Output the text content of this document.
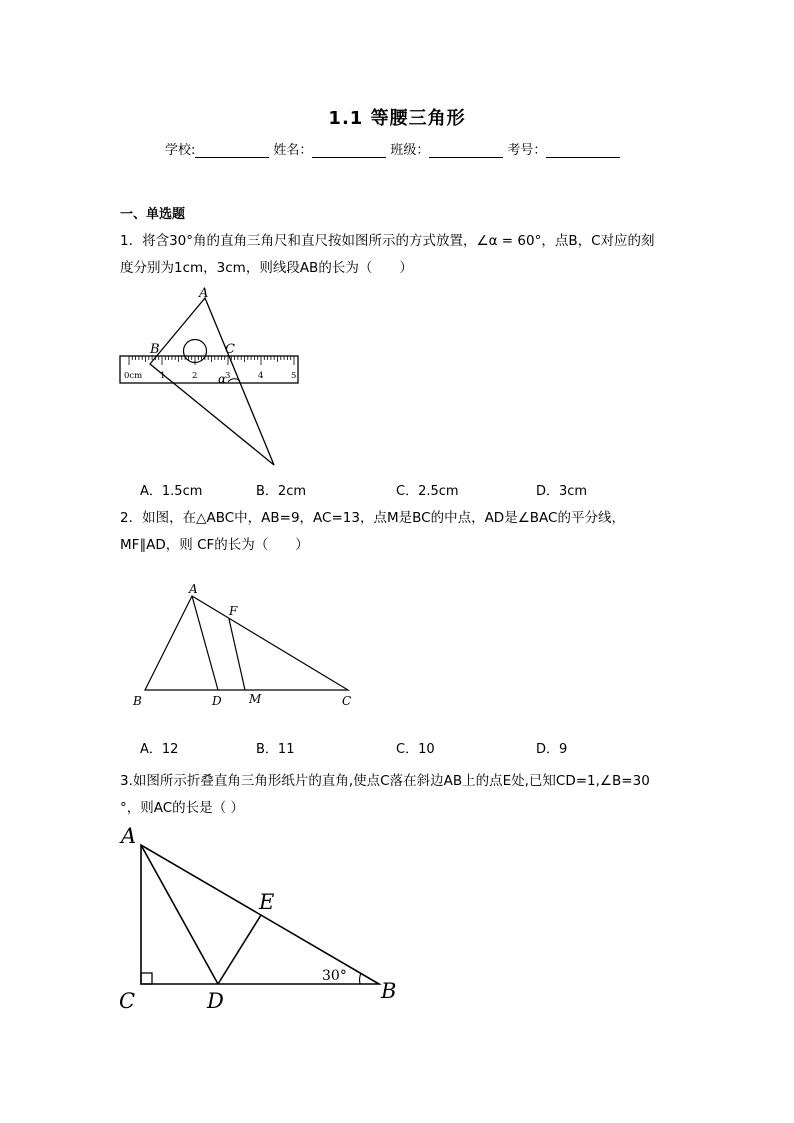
1.1 等腰三角形
学校:	姓名：	班级：	考号：
一、单选题
1．将含30°角的直角三角尺和直尺按如图所示的方式放置，∠α = 60°，点B，C对应的刻
度分别为1cm，3cm，则线段AB的长为（　　）
0cm 1	2	3	4	5
A
B	C
α
A．1.5cm	B．2cm	C．2.5cm	D．3cm
2．如图，在△ABC中，AB=9，AC=13，点M是BC的中点，AD是∠BAC的平分线，
MF∥AD，则 CF的长为（　　）
A
F
B	D M	C
A．12	B．11	C．10	D．9
3.如图所示折叠直角三角形纸片的直角,使点C落在斜边AB上的点E处,已知CD=1,∠B=30
°，则AC的长是（ ）
A
E
C	D	B
30°
